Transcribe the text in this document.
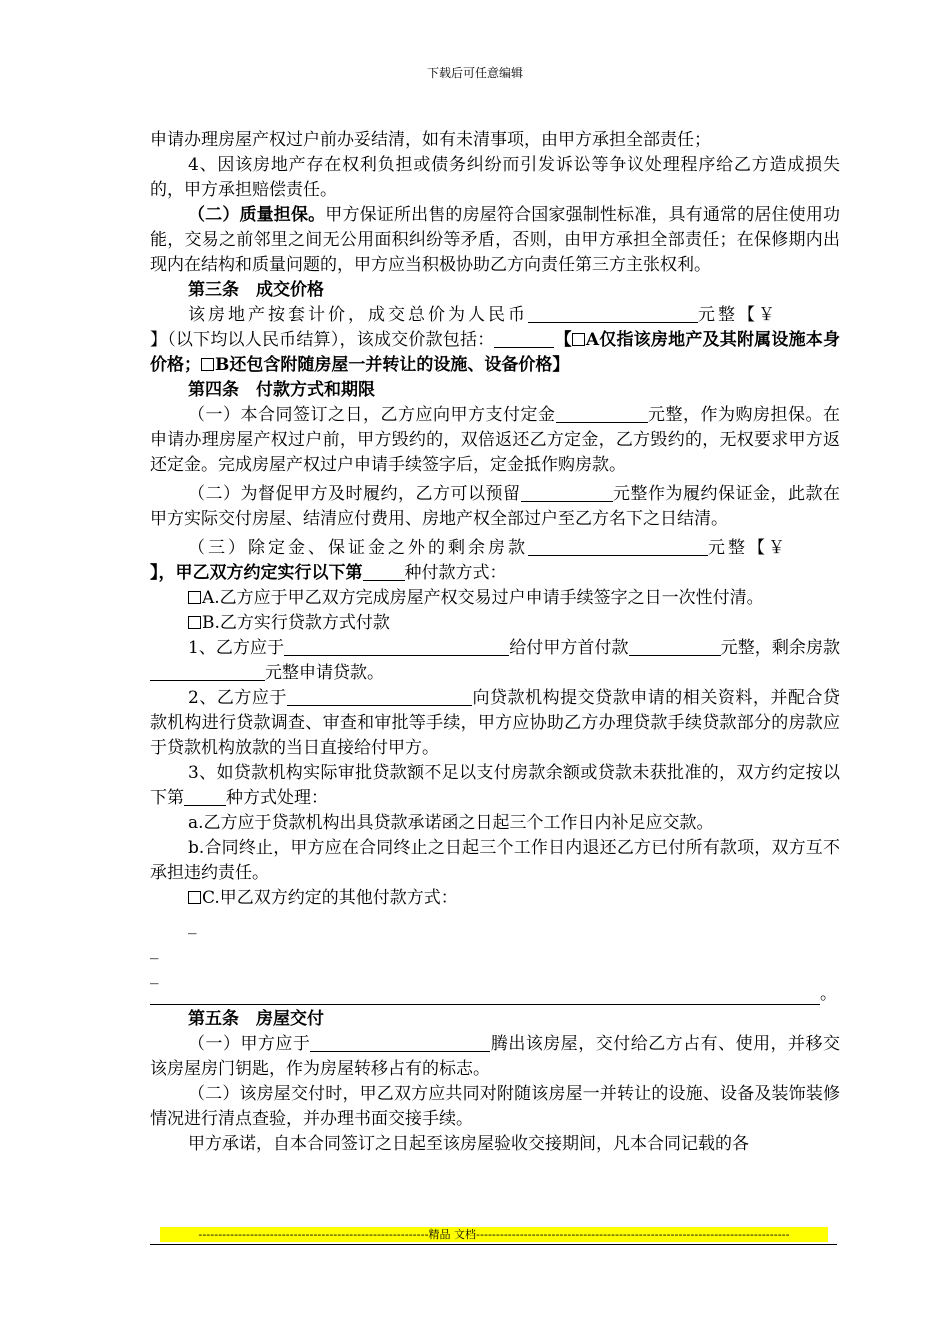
下载后可任意编辑

申请办理房屋产权过户前办妥结清，如有未清事项，由甲方承担全部责任；

4、因该房地产存在权利负担或债务纠纷而引发诉讼等争议处理程序给乙方造成损失的，甲方承担赔偿责任。

（二）质量担保。甲方保证所出售的房屋符合国家强制性标准，具有通常的居住使用功能，交易之前邻里之间无公用面积纠纷等矛盾，否则，由甲方承担全部责任；在保修期内出现内在结构和质量问题的，甲方应当积极协助乙方向责任第三方主张权利。

第三条　成交价格

该房地产按套计价，成交总价为人民币	元整【￥
】（以下均以人民币结算），该成交价款包括：	【 A仅指该房地产及其附属设施本身价格； B还包含附随房屋一并转让的设施、设备价格】

第四条　付款方式和期限

（一）本合同签订之日，乙方应向甲方支付定金	元整，作为购房担保。在申请办理房屋产权过户前，甲方毁约的，双倍返还乙方定金，乙方毁约的，无权要求甲方返还定金。完成房屋产权过户申请手续签字后，定金抵作购房款。

（二）为督促甲方及时履约，乙方可以预留	元整作为履约保证金，此款在甲方实际交付房屋、结清应付费用、房地产权全部过户至乙方名下之日结清。

（三）除定金、保证金之外的剩余房款	元整【￥
】，甲乙双方约定实行以下第 种付款方式：

A.乙方应于甲乙双方完成房屋产权交易过户申请手续签字之日一次性付清。

B.乙方实行贷款方式付款

1、乙方应于	给付甲方首付款	元整，剩余房款元整申请贷款。

2、乙方应于	向贷款机构提交贷款申请的相关资料，并配合贷款机构进行贷款调查、审查和审批等手续，甲方应协助乙方办理贷款手续贷款部分的房款应于贷款机构放款的当日直接给付甲方。

3、如贷款机构实际审批贷款额不足以支付房款余额或贷款未获批准的，双方约定按以下第 种方式处理：

a.乙方应于贷款机构出具贷款承诺函之日起三个工作日内补足应交款。

b.合同终止，甲方应在合同终止之日起三个工作日内退还乙方已付所有款项，双方互不承担违约责任。

C.甲乙双方约定的其他付款方式：

_

_

_

。

第五条　房屋交付

（一）甲方应于	腾出该房屋，交付给乙方占有、使用，并移交该房屋房门钥匙，作为房屋转移占有的标志。

（二）该房屋交付时，甲乙双方应共同对附随该房屋一并转让的设施、设备及装饰装修情况进行清点查验，并办理书面交接手续。

甲方承诺，自本合同签订之日起至该房屋验收交接期间，凡本合同记载的各

----------------------------------------------------------精品 文档-------------------------------------------------------------------------------
